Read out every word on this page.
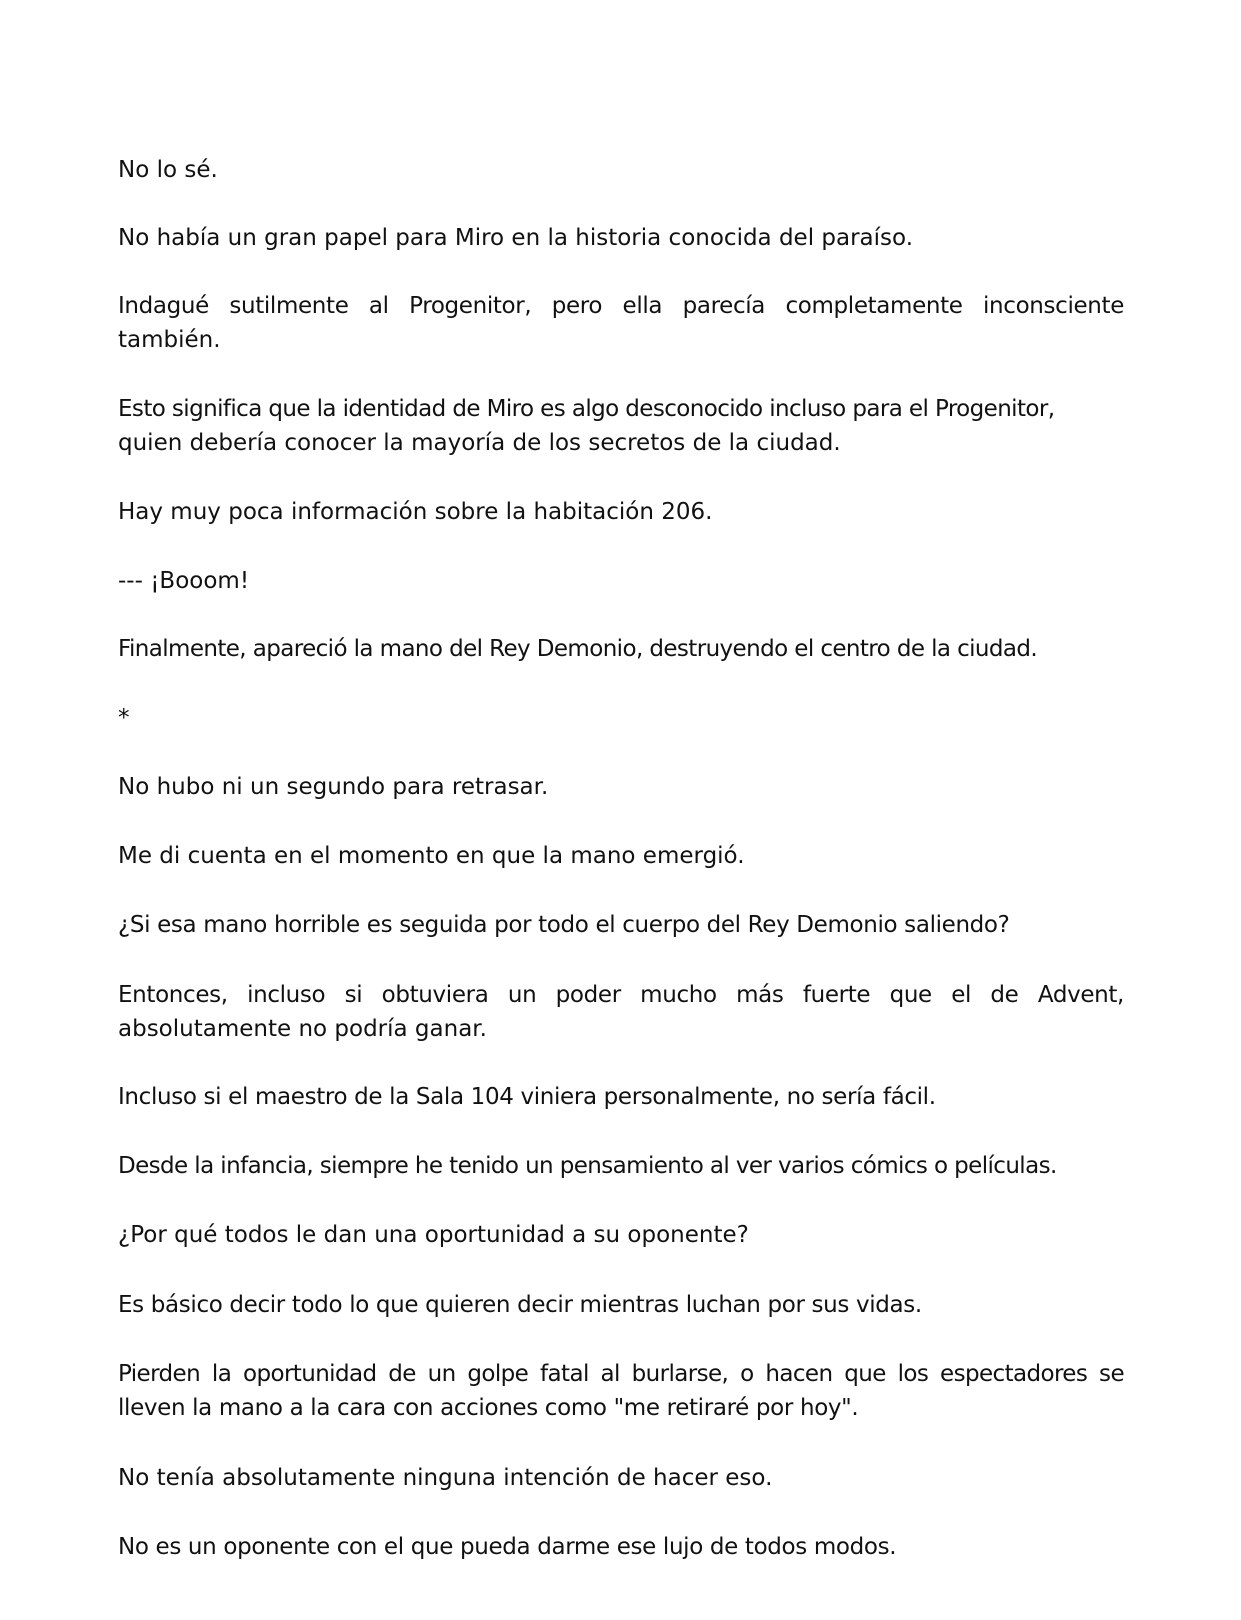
No lo sé.

No había un gran papel para Miro en la historia conocida del paraíso.

Indagué sutilmente al Progenitor, pero ella parecía completamente inconsciente
también.

Esto significa que la identidad de Miro es algo desconocido incluso para el Progenitor,
quien debería conocer la mayoría de los secretos de la ciudad.

Hay muy poca información sobre la habitación 206.

--- ¡Booom!

Finalmente, apareció la mano del Rey Demonio, destruyendo el centro de la ciudad.

*

No hubo ni un segundo para retrasar.

Me di cuenta en el momento en que la mano emergió.

¿Si esa mano horrible es seguida por todo el cuerpo del Rey Demonio saliendo?

Entonces, incluso si obtuviera un poder mucho más fuerte que el de Advent,
absolutamente no podría ganar.

Incluso si el maestro de la Sala 104 viniera personalmente, no sería fácil.

Desde la infancia, siempre he tenido un pensamiento al ver varios cómics o películas.

¿Por qué todos le dan una oportunidad a su oponente?

Es básico decir todo lo que quieren decir mientras luchan por sus vidas.

Pierden la oportunidad de un golpe fatal al burlarse, o hacen que los espectadores se
lleven la mano a la cara con acciones como "me retiraré por hoy".

No tenía absolutamente ninguna intención de hacer eso.

No es un oponente con el que pueda darme ese lujo de todos modos.
